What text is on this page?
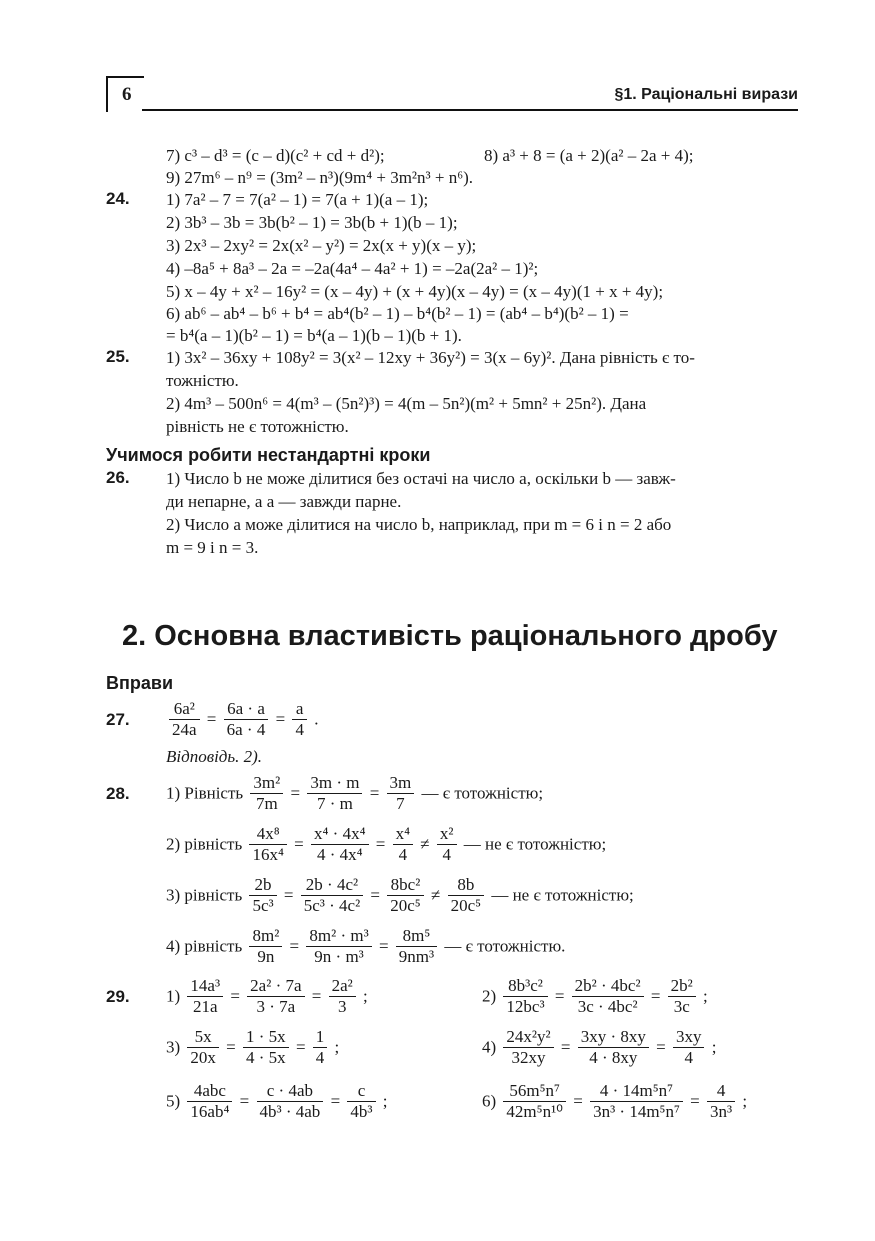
6	§1. Раціональні вирази
7) c³ – d³ = (c – d)(c² + cd + d²);	8) a³ + 8 = (a + 2)(a² – 2a + 4);
9) 27m⁶ – n⁹ = (3m² – n³)(9m⁴ + 3m²n³ + n⁶).
24. 1) 7a² – 7 = 7(a² – 1) = 7(a + 1)(a – 1);
2) 3b³ – 3b = 3b(b² – 1) = 3b(b + 1)(b – 1);
3) 2x³ – 2xy² = 2x(x² – y²) = 2x(x + y)(x – y);
4) –8a⁵ + 8a³ – 2a = –2a(4a⁴ – 4a² + 1) = –2a(2a² – 1)²;
5) x – 4y + x² – 16y² = (x – 4y) + (x + 4y)(x – 4y) = (x – 4y)(1 + x + 4y);
6) ab⁶ – ab⁴ – b⁶ + b⁴ = ab⁴(b² – 1) – b⁴(b² – 1) = (ab⁴ – b⁴)(b² – 1) =
= b⁴(a – 1)(b² – 1) = b⁴(a – 1)(b – 1)(b + 1).
25. 1) 3x² – 36xy + 108y² = 3(x² – 12xy + 36y²) = 3(x – 6y)². Дана рівність є то-
тожністю.
2) 4m³ – 500n⁶ = 4(m³ – (5n²)³) = 4(m – 5n²)(m² + 5mn² + 25n²). Дана
рівність не є тотожністю.
Учимося робити нестандартні кроки
26. 1) Число b не може ділитися без остачі на число a, оскільки b — завж-
ди непарне, а a — завжди парне.
2) Число a може ділитися на число b, наприклад, при m = 6 і n = 2 або
m = 9 і n = 3.
2. Основна властивість раціонального дробу
Вправи
27. $\frac{\text{6a²}}{24a} = \frac{6a \cdot a}{6a \cdot 4} = \frac{a}{4}$ .
Відповідь. 2).
28. 1) Рівність $\frac{\text{3m²}}{7m} = \frac{3m \cdot m}{7 \cdot m} = \frac{3m}{7}$ — є тотожністю;
2) рівність $\frac{\text{4x⁸}}{\text{16x⁴}} = \frac{\text{x⁴ · 4x⁴}}{\text{4 · 4x⁴}} = \frac{\text{x⁴}}{4} \ne \frac{\text{x²}}{4}$ — не є тотожністю;
3) рівність $\frac{2b}{\text{5c³}} = \frac{\text{2b · 4c²}}{\text{5c³ · 4c²}} = \frac{\text{8bc²}}{\text{20c⁵}} \ne \frac{8b}{\text{20c⁵}}$ — не є тотожністю;
4) рівність $\frac{\text{8m²}}{9n} = \frac{\text{8m² · m³}}{\text{9n · m³}} = \frac{\text{8m⁵}}{\text{9nm³}}$ — є тотожністю.
29. $1) \frac{\text{14a³}}{21a} = \frac{\text{2a² · 7a}}{3 \cdot 7a} = \frac{\text{2a²}}{3}$ ;	$2) \frac{\text{8b³c²}}{\text{12bc³}} = \frac{\text{2b² · 4bc²}}{\text{3c · 4bc²}} = \frac{\text{2b²}}{3c}$ ;
$3) \frac{5x}{20x} = \frac{1 \cdot 5x}{4 \cdot 5x} = \frac{1}{4}$ ;	$4) \frac{\text{24x²y²}}{32xy} = \frac{3xy \cdot 8xy}{4 \cdot 8xy} = \frac{3xy}{4}$ ;
$5) \frac{\text{4abc}}{\text{16ab⁴}} = \frac{c \cdot 4ab}{\text{4b³ · 4ab}} = \frac{c}{\text{4b³}}$ ;	$6) \frac{\text{56m⁵n⁷}}{\text{42m⁵n¹⁰}} = \frac{\text{4 · 14m⁵n⁷}}{\text{3n³ · 14m⁵n⁷}} = \frac{4}{\text{3n³}}$ ;
